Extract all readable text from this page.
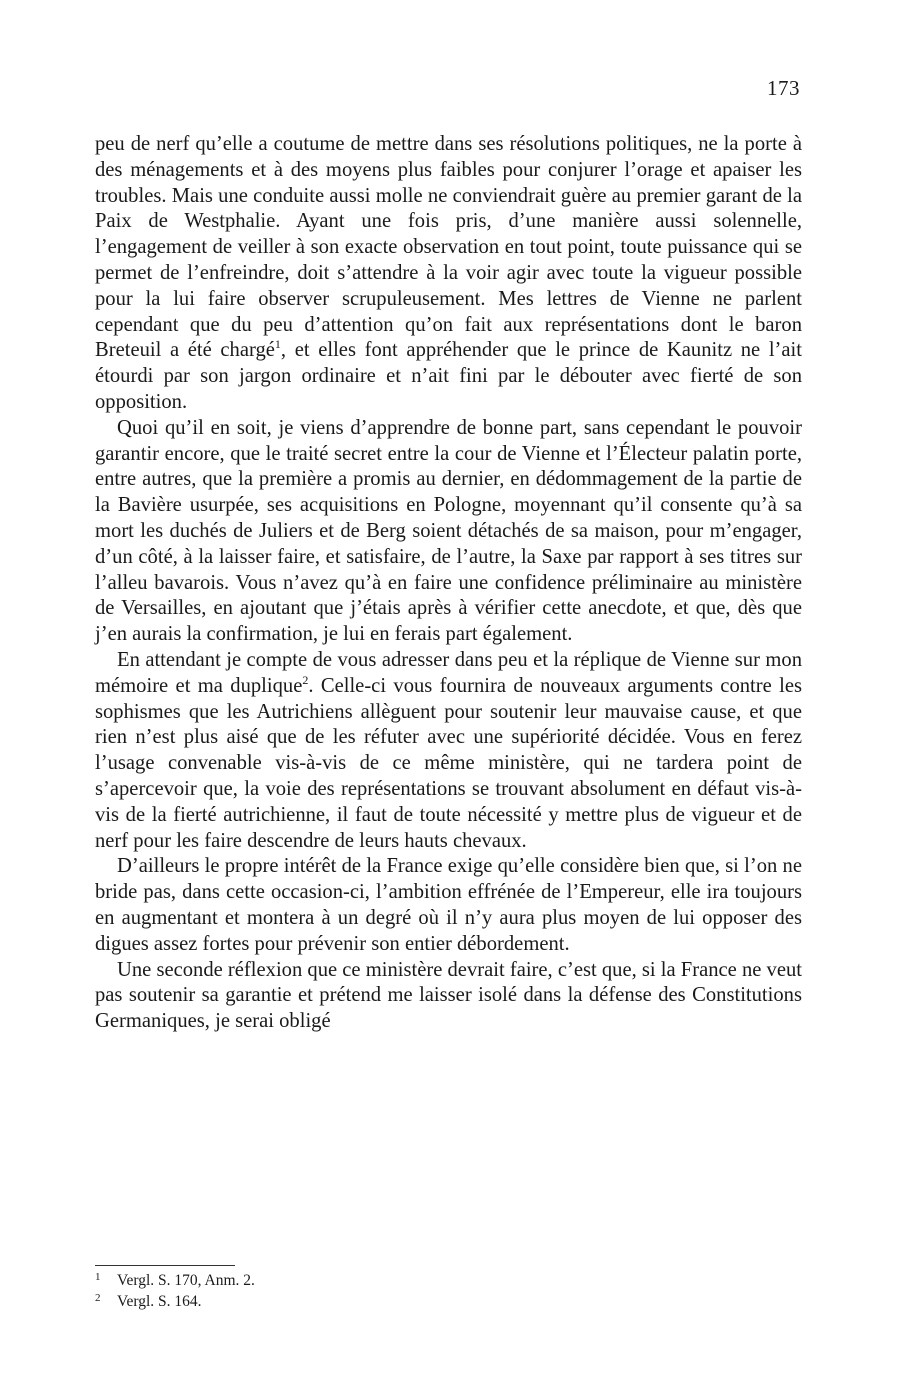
173

peu de nerf qu’elle a coutume de mettre dans ses résolutions politiques, ne la porte à des ménagements et à des moyens plus faibles pour conjurer l’orage et apaiser les troubles. Mais une conduite aussi molle ne conviendrait guère au premier garant de la Paix de Westphalie. Ayant une fois pris, d’une manière aussi solennelle, l’engagement de veiller à son exacte observation en tout point, toute puissance qui se permet de l’enfreindre, doit s’attendre à la voir agir avec toute la vigueur possible pour la lui faire observer scrupuleusement. Mes lettres de Vienne ne parlent cependant que du peu d’attention qu’on fait aux représentations dont le baron Breteuil a été chargé$^1$, et elles font appréhender que le prince de Kaunitz ne l’ait étourdi par son jargon ordinaire et n’ait fini par le débouter avec fierté de son opposition.

Quoi qu’il en soit, je viens d’apprendre de bonne part, sans cependant le pouvoir garantir encore, que le traité secret entre la cour de Vienne et l’Électeur palatin porte, entre autres, que la première a promis au dernier, en dédommagement de la partie de la Bavière usurpée, ses acquisitions en Pologne, moyennant qu’il consente qu’à sa mort les duchés de Juliers et de Berg soient détachés de sa maison, pour m’engager, d’un côté, à la laisser faire, et satisfaire, de l’autre, la Saxe par rapport à ses titres sur l’alleu bavarois. Vous n’avez qu’à en faire une confidence préliminaire au ministère de Versailles, en ajoutant que j’étais après à vérifier cette anecdote, et que, dès que j’en aurais la confirmation, je lui en ferais part également.

En attendant je compte de vous adresser dans peu et la réplique de Vienne sur mon mémoire et ma duplique$^2$. Celle-ci vous fournira de nouveaux arguments contre les sophismes que les Autrichiens allèguent pour soutenir leur mauvaise cause, et que rien n’est plus aisé que de les réfuter avec une supériorité décidée. Vous en ferez l’usage convenable vis-à-vis de ce même ministère, qui ne tardera point de s’apercevoir que, la voie des représentations se trouvant absolument en défaut vis-à-vis de la fierté autrichienne, il faut de toute nécessité y mettre plus de vigueur et de nerf pour les faire descendre de leurs hauts chevaux.

D’ailleurs le propre intérêt de la France exige qu’elle considère bien que, si l’on ne bride pas, dans cette occasion-ci, l’ambition effrénée de l’Empereur, elle ira toujours en augmentant et montera à un degré où il n’y aura plus moyen de lui opposer des digues assez fortes pour prévenir son entier débordement.

Une seconde réflexion que ce ministère devrait faire, c’est que, si la France ne veut pas soutenir sa garantie et prétend me laisser isolé dans la défense des Constitutions Germaniques, je serai obligé

1	Vergl. S. 170, Anm. 2.
2	Vergl. S. 164.
